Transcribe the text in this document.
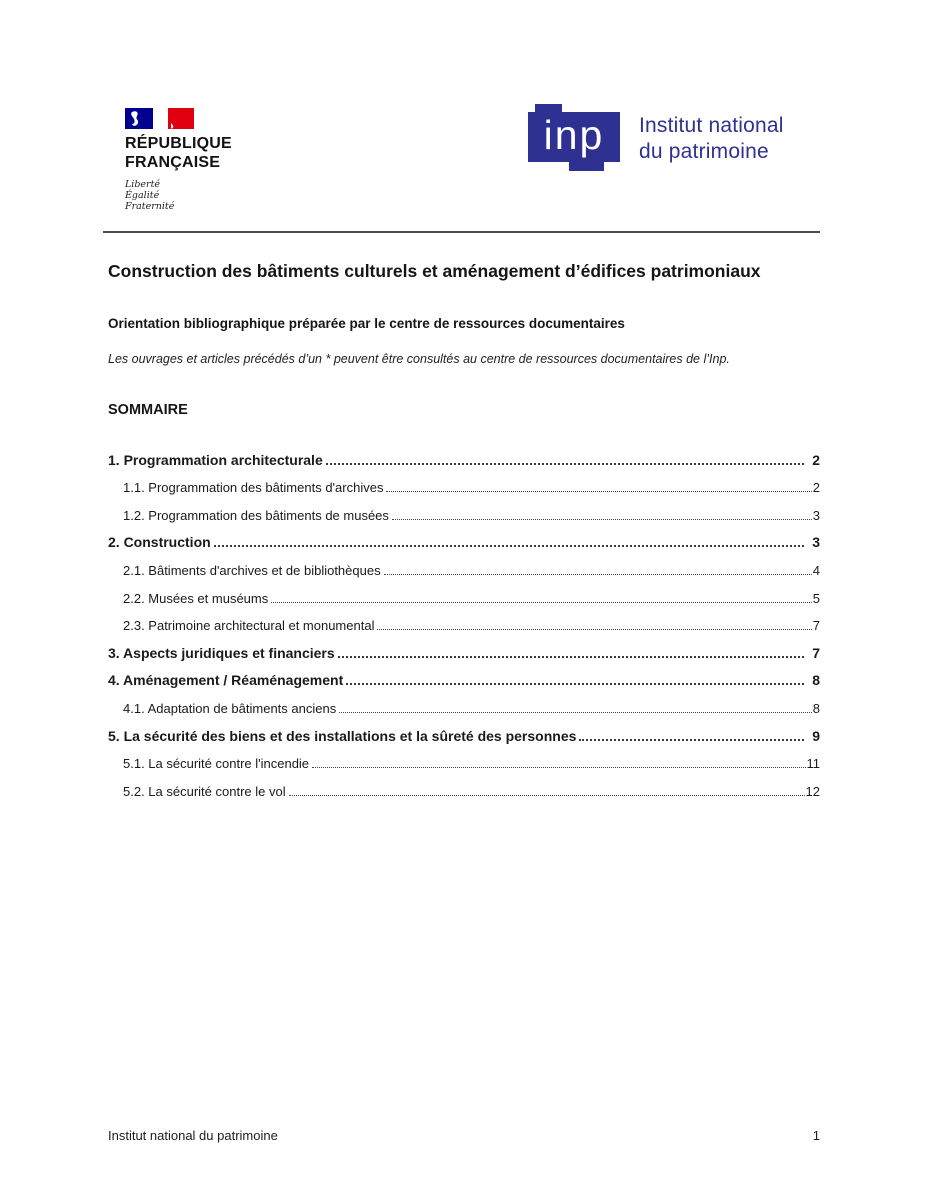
RÉPUBLIQUE
FRANÇAISE
Liberté
Égalité
Fraternité
inp	Institut national
du patrimoine
Construction des bâtiments culturels et aménagement d’édifices patrimoniaux
Orientation bibliographique préparée par le centre de ressources documentaires
Les ouvrages et articles précédés d’un * peuvent être consultés au centre de ressources documentaires de l’Inp.
SOMMAIRE
1. Programmation architecturale	2
1.1. Programmation des bâtiments d'archives	2
1.2. Programmation des bâtiments de musées	3
2. Construction	3
2.1. Bâtiments d'archives et de bibliothèques	4
2.2. Musées et muséums	5
2.3. Patrimoine architectural et monumental	7
3. Aspects juridiques et financiers	7
4. Aménagement / Réaménagement	8
4.1. Adaptation de bâtiments anciens	8
5. La sécurité des biens et des installations et la sûreté des personnes	9
5.1. La sécurité contre l'incendie	11
5.2. La sécurité contre le vol	12
Institut national du patrimoine	1
